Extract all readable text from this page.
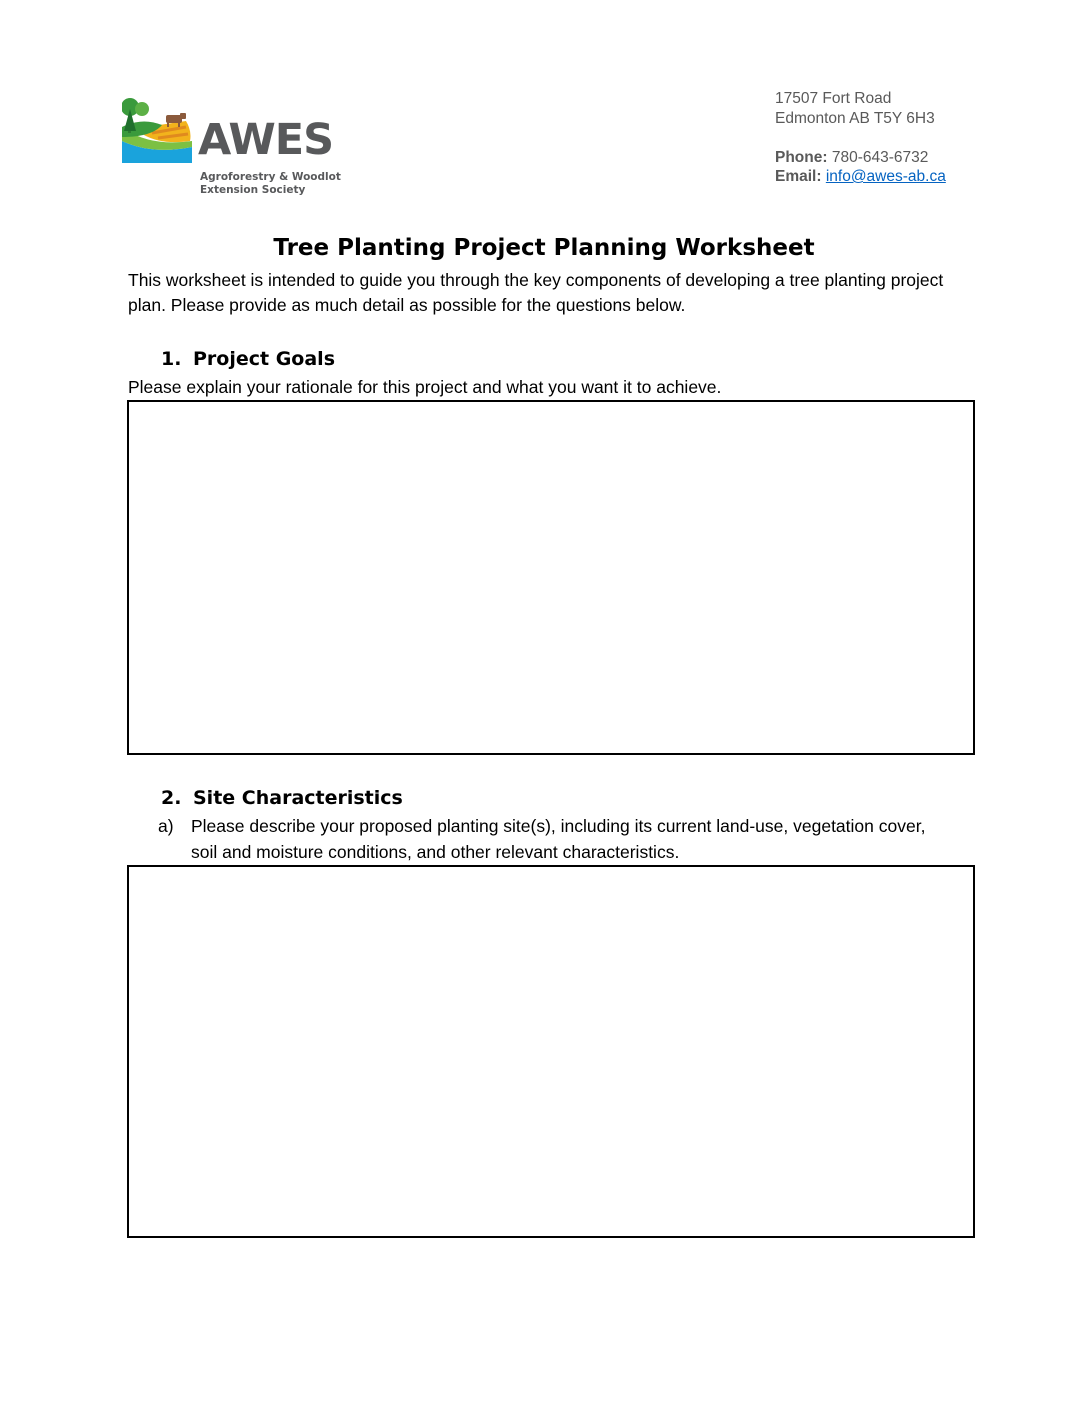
AWES
Agroforestry & Woodlot
Extension Society
17507 Fort Road
Edmonton AB T5Y 6H3
Phone: 780-643-6732
Email: info@awes-ab.ca
Tree Planting Project Planning Worksheet

This worksheet is intended to guide you through the key components of developing a tree planting project plan. Please provide as much detail as possible for the questions below.

1. Project Goals

Please explain your rationale for this project and what you want it to achieve.

2. Site Characteristics
a) Please describe your proposed planting site(s), including its current land-use, vegetation cover, soil and moisture conditions, and other relevant characteristics.
